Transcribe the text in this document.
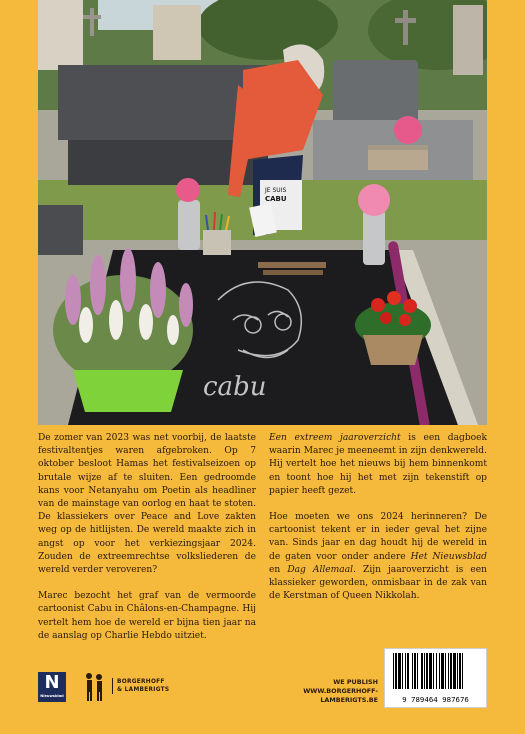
cabu
JE SUIS
CABU

De zomer van 2023 was net voorbij, de laatste festivaltentjes waren afgebroken. Op 7 oktober besloot Hamas het festivalseizoen op brutale wijze af te sluiten. Een gedroomde kans voor Netanyahu om Poetin als headliner van de mainstage van oorlog en haat te stoten. De klassiekers over Peace and Love zakten weg op de hitlijsten. De wereld maakte zich in angst op voor het verkiezingsjaar 2024. Zouden de extreemrechtse volksliederen de wereld verder veroveren?

Marec bezocht het graf van de vermoorde cartoonist Cabu in Châlons-en-Champagne. Hij vertelt hem hoe de wereld er bijna tien jaar na de aanslag op Charlie Hebdo uitziet.

Een extreem jaaroverzicht is een dagboek waarin Marec je meeneemt in zijn denkwereld. Hij vertelt hoe het nieuws bij hem binnenkomt en toont hoe hij het met zijn tekenstift op papier heeft gezet.

Hoe moeten we ons 2024 herinneren? De cartoonist tekent er in ieder geval het zijne van. Sinds jaar en dag houdt hij de wereld in de gaten voor onder andere Het Nieuwsblad en Dag Allemaal. Zijn jaaroverzicht is een klassieker geworden, onmisbaar in de zak van de Kerstman of Queen Nikkolah.

N
Nieuwsblad
BORGERHOFF
& LAMBERIGTS
WE PUBLISH
WWW.BORGERHOFF-LAMBERIGTS.BE	9 789464 987676
